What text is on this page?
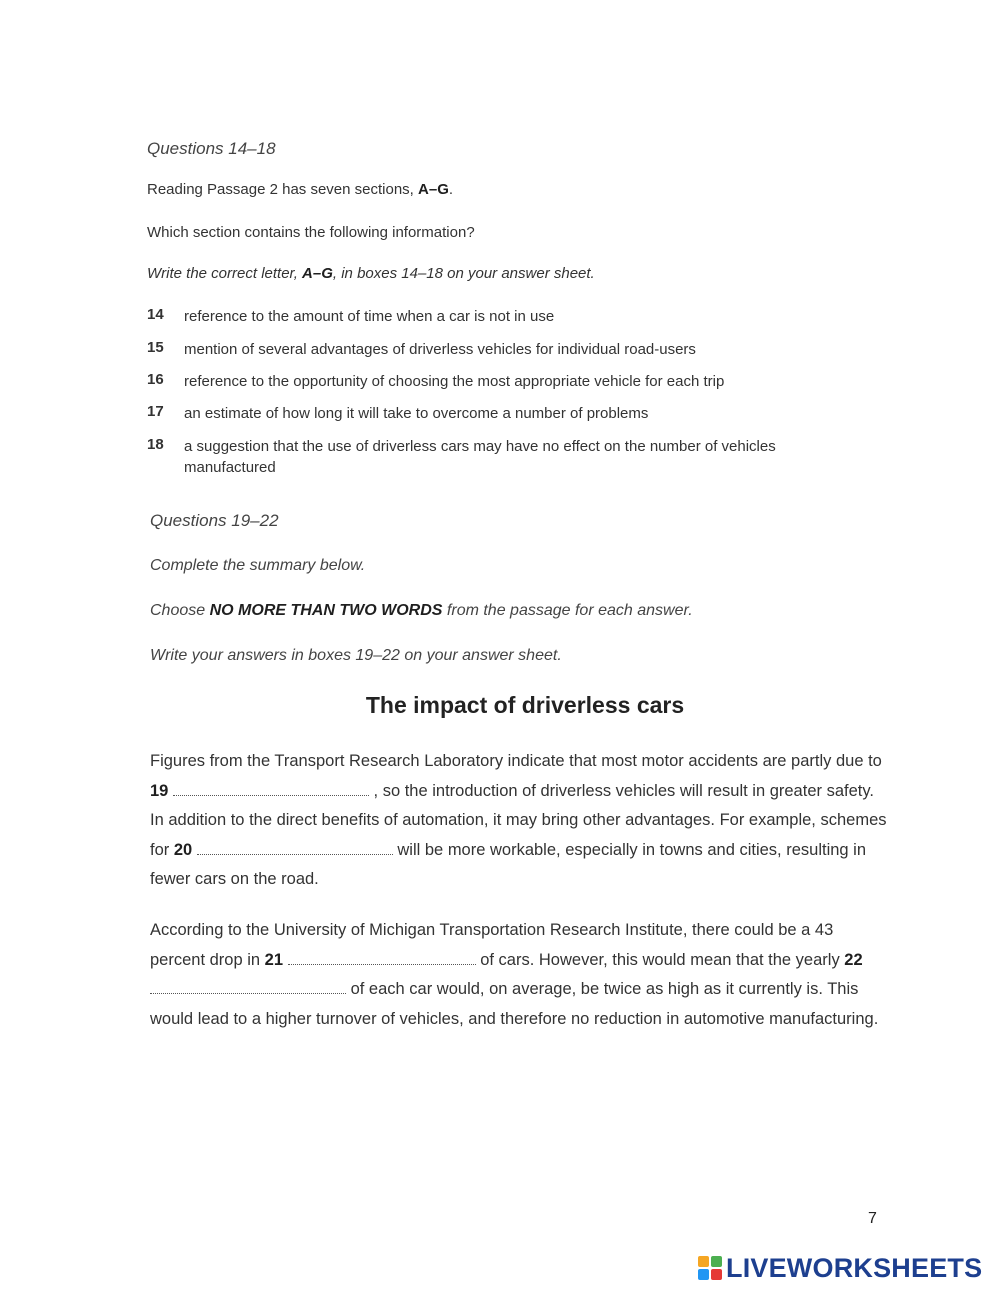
Questions 14–18
Reading Passage 2 has seven sections, A–G.
Which section contains the following information?
Write the correct letter, A–G, in boxes 14–18 on your answer sheet.
14	reference to the amount of time when a car is not in use
15	mention of several advantages of driverless vehicles for individual road-users
16	reference to the opportunity of choosing the most appropriate vehicle for each trip
17	an estimate of how long it will take to overcome a number of problems
18	a suggestion that the use of driverless cars may have no effect on the number of vehicles manufactured
Questions 19–22
Complete the summary below.
Choose NO MORE THAN TWO WORDS from the passage for each answer.
Write your answers in boxes 19–22 on your answer sheet.
The impact of driverless cars
Figures from the Transport Research Laboratory indicate that most motor accidents are partly due to 19	, so the introduction of driverless vehicles will result in greater safety. In addition to the direct benefits of automation, it may bring other advantages. For example, schemes for 20	will be more workable, especially in towns and cities, resulting in fewer cars on the road.
According to the University of Michigan Transportation Research Institute, there could be a 43 percent drop in 21	of cars. However, this would mean that the yearly 22  of each car would, on average, be twice as high as it currently is. This would lead to a higher turnover of vehicles, and therefore no reduction in automotive manufacturing.
7
LIVEWORKSHEETS
